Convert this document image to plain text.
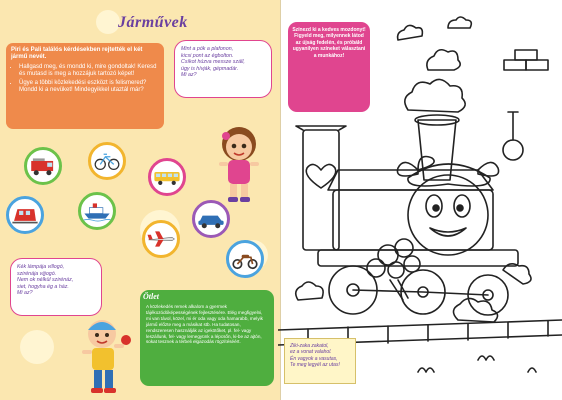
Járművek

Piri és Pali találós kérdésekben rejtették el két jármű nevét.

• Hallgasd meg, és mondd ki, mire gondoltak! Keresd és mutasd is meg a hozzájuk tartozó képet!
• Ügye a többi közlekedési eszközt is felismered? Mondd ki a nevüket! Mindegyikkel utaztál már?
Mint a pók a plafonon,
kicsi pont az égbolton.
Csíkot húzva messze száll,
úgy is hívják, gépmadár.
Mi az?
Kék lámpája villogó,
szirénája vijjogó.
Nem ok nélkül szirénáz,
siet, hogyha ég a ház.
Mi az?
A közlekedés remek alkalom a gyermek tájékozódóképességének fejlesztésére. Elég megfigyelni, mi van távol, közel, mi ér oda vagy oda hamarabb, melyik jármű előzte meg a másikat stb. Ha tudatosan, rendszeresen használják az igekötőket, pl. fel- vagy leszállunk, fel- vagy lemegyünk a lépcsőn, ki-be az ajtón, sokat tesznek a térbeli elgazodás rögzítéséért.
Ötlet
Színezd ki a kedves mozdonyt! Figyeld meg, milyennek látod az újság fedelén, és próbáld ugyanilyen színeket választani a munkához!
Ziki-zaka zakatol,
ez a vonat valahol.
Én vagyok a vasutas,
Te meg legyél az utas!
